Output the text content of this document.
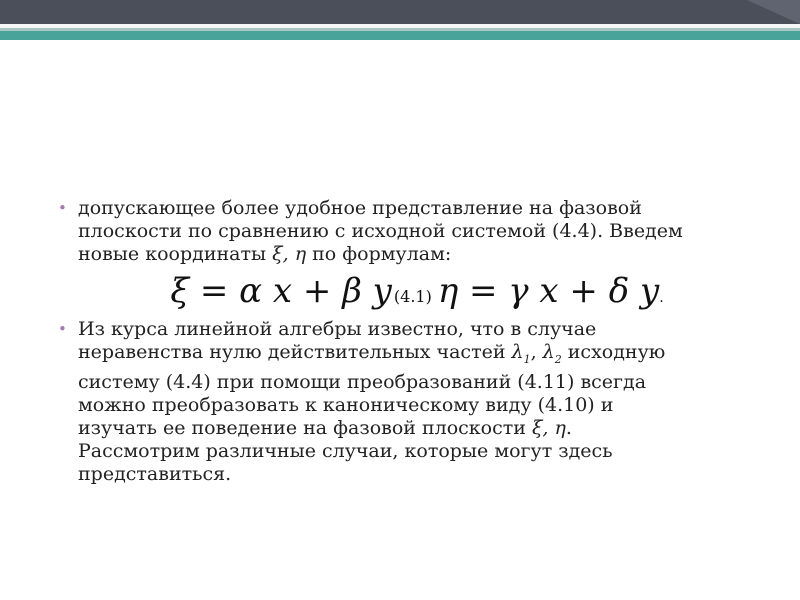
• допускающее более удобное представление на фазовой
плоскости по сравнению с исходной системой (4.4). Введем
новые координаты ξ, η по формулам:
ξ = α x + β y (4.1) η = γ x + δ y.
• Из курса линейной алгебры известно, что в случае
неравенства нулю действительных частей $\lambda_1$, $\lambda_2$ исходную
систему (4.4) при помощи преобразований (4.11) всегда
можно преобразовать к каноническому виду (4.10) и
изучать ее поведение на фазовой плоскости ξ, η.
Рассмотрим различные случаи, которые могут здесь
представиться.
